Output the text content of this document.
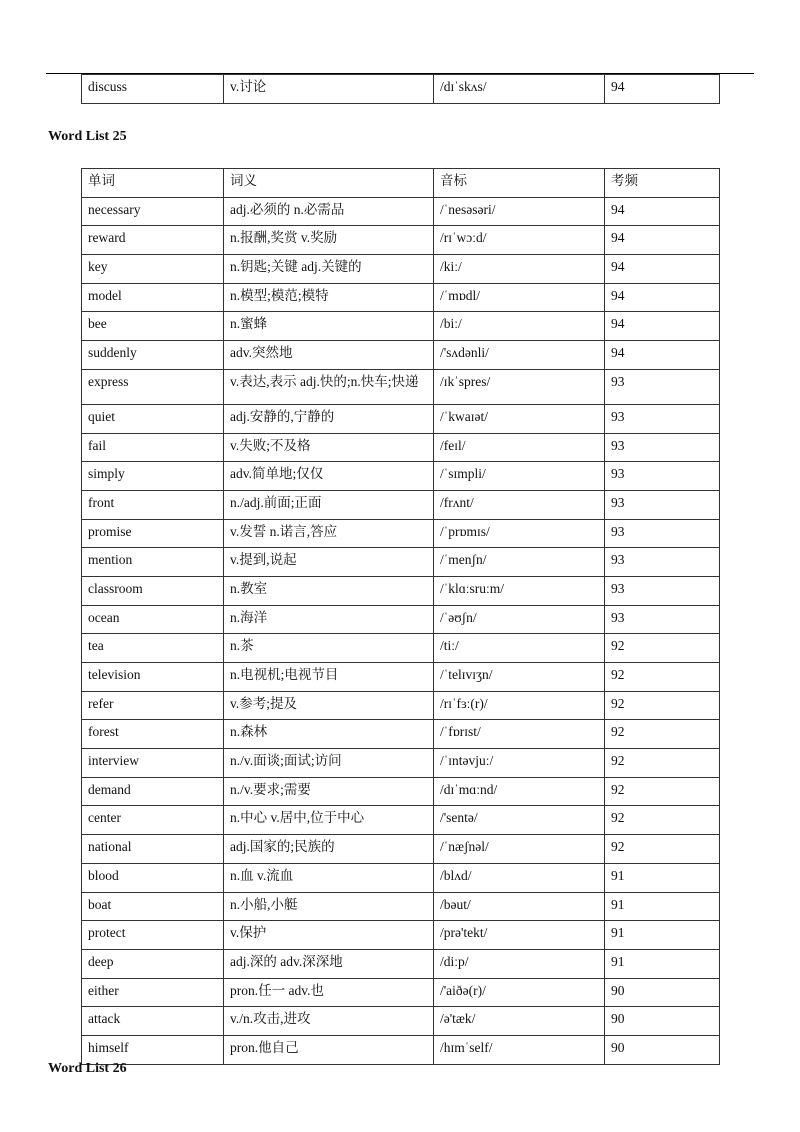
discuss	v.讨论	/dɪˈskʌs/	94
Word List 25
单词	词义	音标	考频
necessary	adj.必须的 n.必需品	/ˈnesəsəri/	94
reward	n.报酬,奖赏 v.奖励	/rɪˈwɔːd/	94
key	n.钥匙;关键 adj.关键的	/kiː/	94
model	n.模型;模范;模特	/ˈmɒdl/	94
bee	n.蜜蜂	/biː/	94
suddenly	adv.突然地	/'sʌdənli/	94
express	v.表达,表示 adj.快的;n.快车;快递	/ɪkˈspres/	93
quiet	adj.安静的,宁静的	/ˈkwaɪət/	93
fail	v.失败;不及格	/feɪl/	93
simply	adv.简单地;仅仅	/ˈsɪmpli/	93
front	n./adj.前面;正面	/frʌnt/	93
promise	v.发誓 n.诺言,答应	/ˈprɒmɪs/	93
mention	v.提到,说起	/ˈmenʃn/	93
classroom	n.教室	/ˈklɑːsruːm/	93
ocean	n.海洋	/ˈəʊʃn/	93
tea	n.茶	/tiː/	92
television	n.电视机;电视节目	/ˈtelɪvɪʒn/	92
refer	v.参考;提及	/rɪˈfɜː(r)/	92
forest	n.森林	/ˈfɒrɪst/	92
interview	n./v.面谈;面试;访问	/ˈɪntəvjuː/	92
demand	n./v.要求;需要	/dɪˈmɑːnd/	92
center	n.中心 v.居中,位于中心	/'sentə/	92
national	adj.国家的;民族的	/ˈnæʃnəl/	92
blood	n.血 v.流血	/blʌd/	91
boat	n.小船,小艇	/bəut/	91
protect	v.保护	/prə'tekt/	91
deep	adj.深的 adv.深深地	/diːp/	91
either	pron.任一 adv.也	/'aiðə(r)/	90
attack	v./n.攻击,进攻	/ə'tæk/	90
himself	pron.他自己	/hɪmˈself/	90
Word List 26
